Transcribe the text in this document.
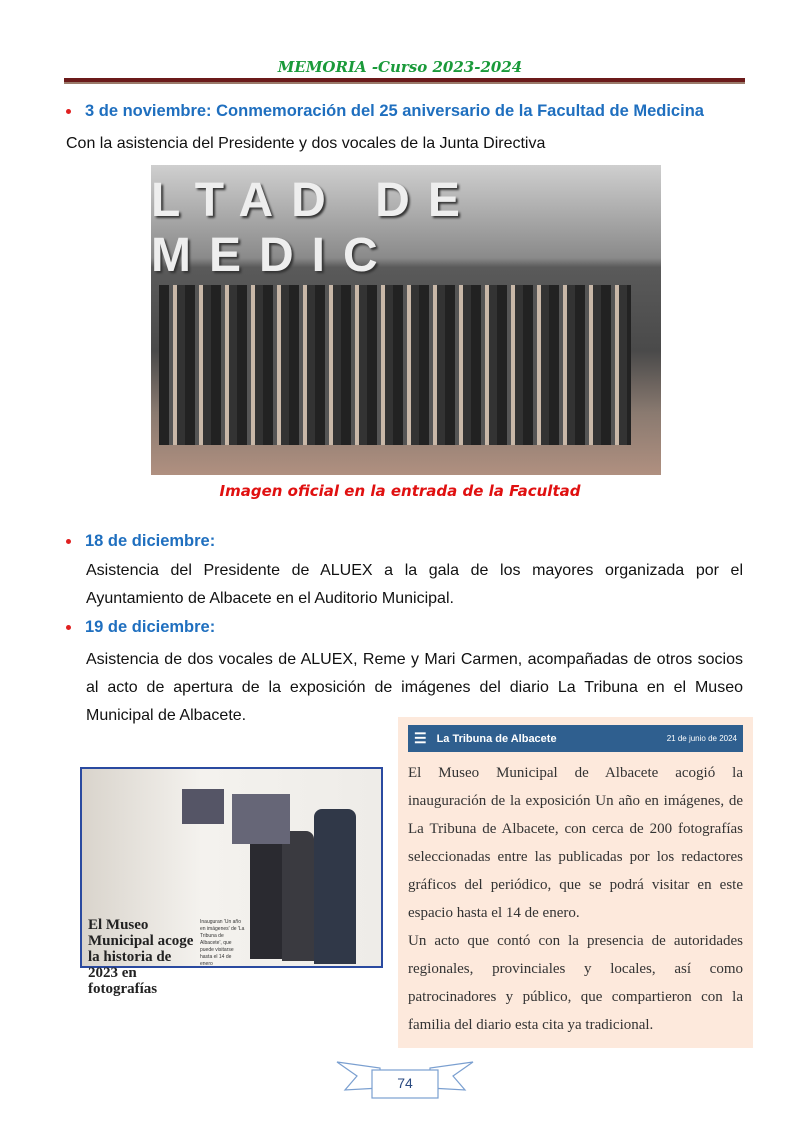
MEMORIA -Curso 2023-2024
3 de noviembre: Conmemoración del 25 aniversario de la Facultad de Medicina
Con la asistencia del Presidente y dos vocales de la Junta Directiva
LTAD DE MEDIC
Imagen oficial en la entrada de la Facultad
18 de diciembre:
Asistencia del Presidente de ALUEX a la gala de los mayores organizada por el Ayuntamiento de Albacete en el Auditorio Municipal.
19 de diciembre:
Asistencia de dos vocales de ALUEX, Reme y Mari Carmen, acompañadas de otros socios al acto de apertura de la exposición de imágenes del diario La Tribuna en el Museo Municipal de Albacete.
El Museo Municipal acoge la historia de 2023 en fotografías
Inauguran 'Un año en imágenes' de 'La Tribuna de Albacete', que puede visitarse hasta el 14 de enero
☰ La Tribuna de Albacete	21 de junio de 2024
El Museo Municipal de Albacete acogió la inauguración de la exposición Un año en imágenes, de La Tribuna de Albacete, con cerca de 200 fotografías seleccionadas entre las publicadas por los redactores gráficos del periódico, que se podrá visitar en este espacio hasta el 14 de enero.
Un acto que contó con la presencia de autoridades regionales, provinciales y locales, así como patrocinadores y público, que compartieron con la familia del diario esta cita ya tradicional.
74
